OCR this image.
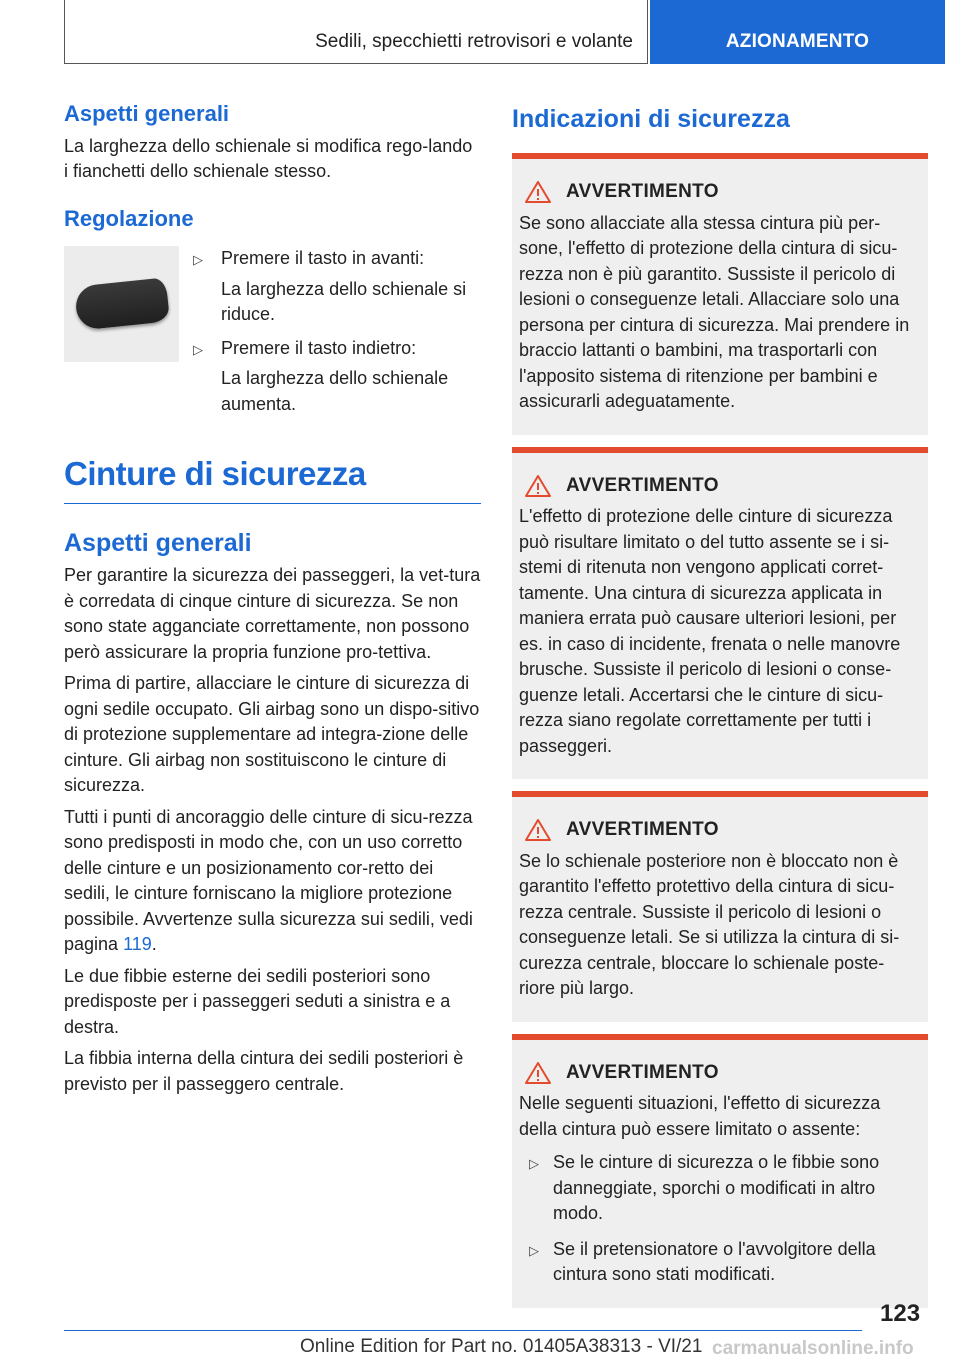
Sedili, specchietti retrovisori e volante	AZIONAMENTO
Aspetti generali
La larghezza dello schienale si modifica rego-lando i fianchetti dello schienale stesso.
Regolazione
▷	Premere il tasto in avanti:
La larghezza dello schienale si riduce.
▷	Premere il tasto indietro:
La larghezza dello schienale aumenta.
Cinture di sicurezza
Aspetti generali
Per garantire la sicurezza dei passeggeri, la vet-tura è corredata di cinque cinture di sicurezza. Se non sono state agganciate correttamente, non possono però assicurare la propria funzione pro-tettiva.
Prima di partire, allacciare le cinture di sicurezza di ogni sedile occupato. Gli airbag sono un dispo-sitivo di protezione supplementare ad integra-zione delle cinture. Gli airbag non sostituiscono le cinture di sicurezza.
Tutti i punti di ancoraggio delle cinture di sicu-rezza sono predisposti in modo che, con un uso corretto delle cinture e un posizionamento cor-retto dei sedili, le cinture forniscano la migliore protezione possibile. Avvertenze sulla sicurezza sui sedili, vedi pagina 119.
Le due fibbie esterne dei sedili posteriori sono predisposte per i passeggeri seduti a sinistra e a destra.
La fibbia interna della cintura dei sedili posteriori è previsto per il passeggero centrale.
Indicazioni di sicurezza
AVVERTIMENTO
Se sono allacciate alla stessa cintura più per-sone, l'effetto di protezione della cintura di sicu-rezza non è più garantito. Sussiste il pericolo di lesioni o conseguenze letali. Allacciare solo una persona per cintura di sicurezza. Mai prendere in braccio lattanti o bambini, ma trasportarli con l'apposito sistema di ritenzione per bambini e assicurarli adeguatamente.
AVVERTIMENTO
L'effetto di protezione delle cinture di sicurezza può risultare limitato o del tutto assente se i si-stemi di ritenuta non vengono applicati corret-tamente. Una cintura di sicurezza applicata in maniera errata può causare ulteriori lesioni, per es. in caso di incidente, frenata o nelle manovre brusche. Sussiste il pericolo di lesioni o conse-guenze letali. Accertarsi che le cinture di sicu-rezza siano regolate correttamente per tutti i passeggeri.
AVVERTIMENTO
Se lo schienale posteriore non è bloccato non è garantito l'effetto protettivo della cintura di sicu-rezza centrale. Sussiste il pericolo di lesioni o conseguenze letali. Se si utilizza la cintura di si-curezza centrale, bloccare lo schienale poste-riore più largo.
AVVERTIMENTO
Nelle seguenti situazioni, l'effetto di sicurezza della cintura può essere limitato o assente:
▷ Se le cinture di sicurezza o le fibbie sono danneggiate, sporchi o modificati in altro modo.
▷ Se il pretensionatore o l'avvolgitore della cintura sono stati modificati.
123
Online Edition for Part no. 01405A38313 - VI/21 carmanualsonline.info
